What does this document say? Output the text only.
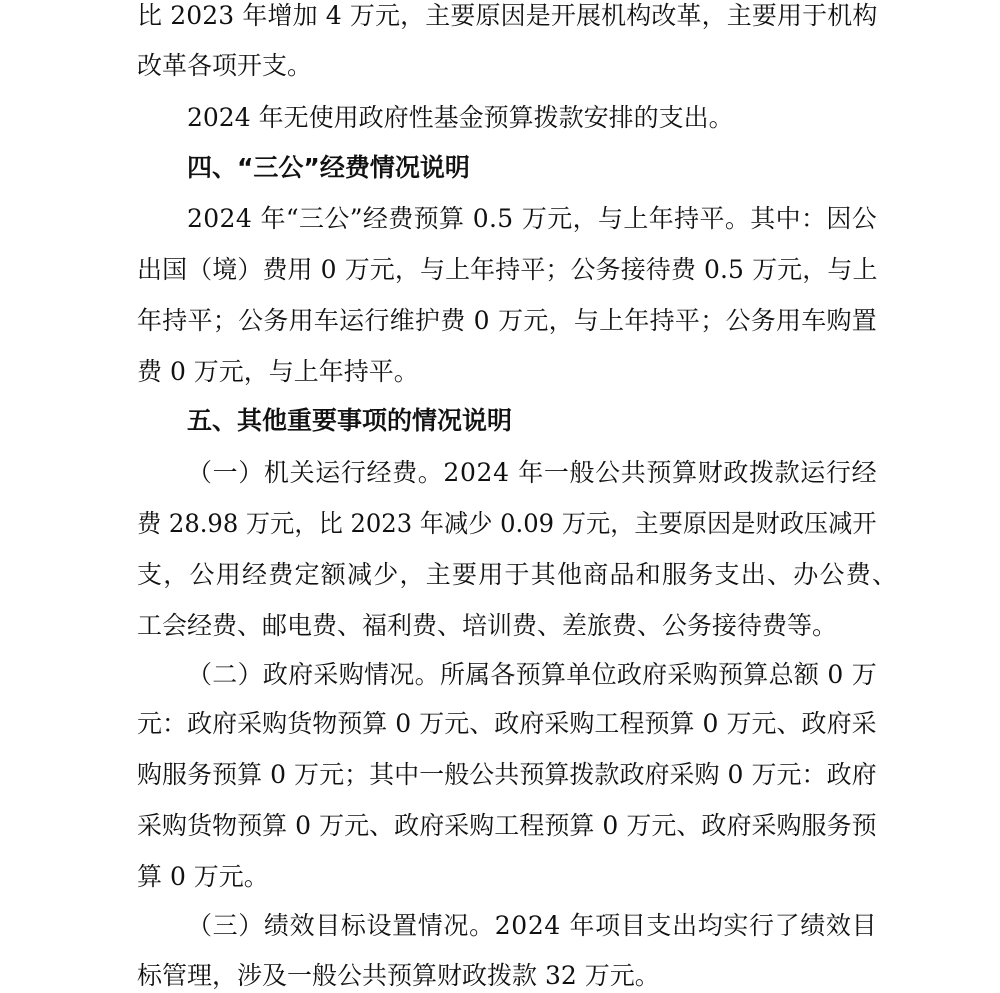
比 2023 年增加 4 万元，主要原因是开展机构改革，主要用于机构
改革各项开支。
2024 年无使用政府性基金预算拨款安排的支出。
四、“三公”经费情况说明
2024 年“三公”经费预算 0.5 万元，与上年持平。其中：因公
出国（境）费用 0 万元，与上年持平；公务接待费 0.5 万元，与上
年持平；公务用车运行维护费 0 万元，与上年持平；公务用车购置
费 0 万元，与上年持平。
五、其他重要事项的情况说明
（一）机关运行经费。2024 年一般公共预算财政拨款运行经
费 28.98 万元，比 2023 年减少 0.09 万元，主要原因是财政压减开
支，公用经费定额减少，主要用于其他商品和服务支出、办公费、
工会经费、邮电费、福利费、培训费、差旅费、公务接待费等。
（二）政府采购情况。所属各预算单位政府采购预算总额 0 万
元：政府采购货物预算 0 万元、政府采购工程预算 0 万元、政府采
购服务预算 0 万元；其中一般公共预算拨款政府采购 0 万元：政府
采购货物预算 0 万元、政府采购工程预算 0 万元、政府采购服务预
算 0 万元。
（三）绩效目标设置情况。2024 年项目支出均实行了绩效目
标管理，涉及一般公共预算财政拨款 32 万元。
